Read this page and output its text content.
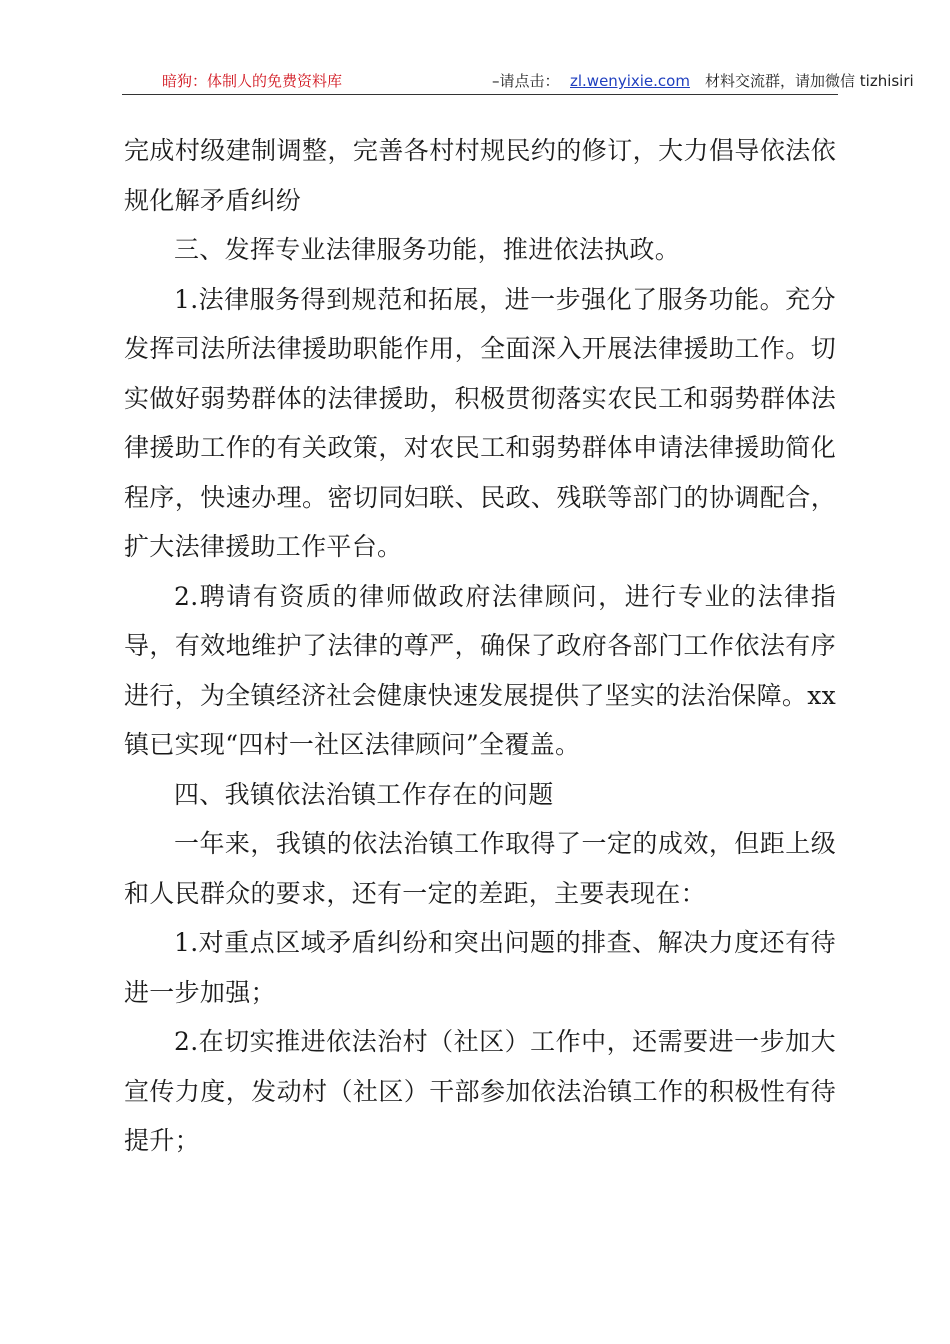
暗狗：体制人的免费资料库	–请点击： zl.wenyixie.com 材料交流群，请加微信 tizhisiri

完成村级建制调整，完善各村村规民约的修订，大力倡导依法依规化解矛盾纠纷

三、发挥专业法律服务功能，推进依法执政。

1.法律服务得到规范和拓展，进一步强化了服务功能。充分发挥司法所法律援助职能作用，全面深入开展法律援助工作。切实做好弱势群体的法律援助，积极贯彻落实农民工和弱势群体法律援助工作的有关政策，对农民工和弱势群体申请法律援助简化程序，快速办理。密切同妇联、民政、残联等部门的协调配合，扩大法律援助工作平台。

2.聘请有资质的律师做政府法律顾问，进行专业的法律指导，有效地维护了法律的尊严，确保了政府各部门工作依法有序进行，为全镇经济社会健康快速发展提供了坚实的法治保障。xx 镇已实现“四村一社区法律顾问”全覆盖。

四、我镇依法治镇工作存在的问题

一年来，我镇的依法治镇工作取得了一定的成效，但距上级和人民群众的要求，还有一定的差距，主要表现在：

1.对重点区域矛盾纠纷和突出问题的排查、解决力度还有待进一步加强；

2.在切实推进依法治村（社区）工作中，还需要进一步加大宣传力度，发动村（社区）干部参加依法治镇工作的积极性有待提升；
